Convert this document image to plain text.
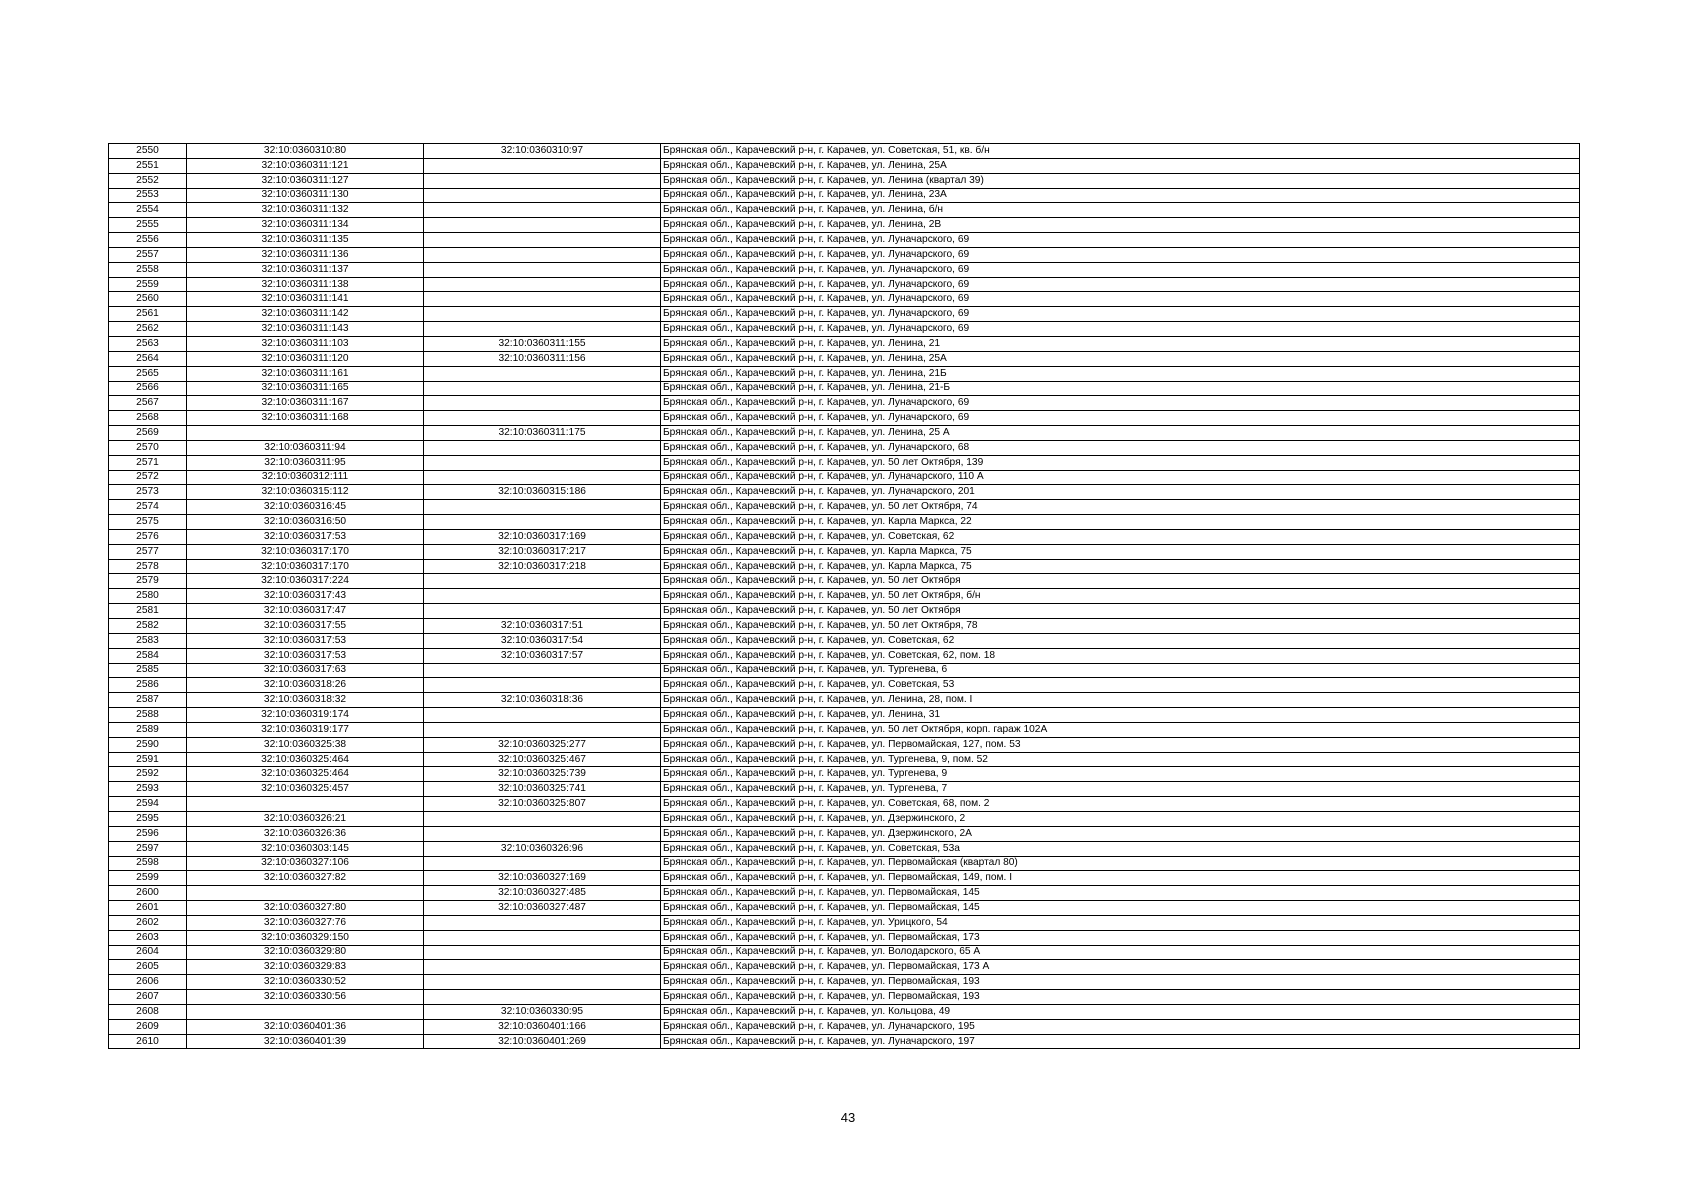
2550	32:10:0360310:80	32:10:0360310:97	Брянская обл., Карачевский р-н, г. Карачев, ул. Советская, 51, кв. б/н
2551	32:10:0360311:121		Брянская обл., Карачевский р-н, г. Карачев, ул. Ленина, 25А
2552	32:10:0360311:127		Брянская обл., Карачевский р-н, г. Карачев, ул. Ленина (квартал 39)
2553	32:10:0360311:130		Брянская обл., Карачевский р-н, г. Карачев, ул. Ленина, 23А
2554	32:10:0360311:132		Брянская обл., Карачевский р-н, г. Карачев, ул. Ленина, б/н
2555	32:10:0360311:134		Брянская обл., Карачевский р-н, г. Карачев, ул. Ленина, 2В
2556	32:10:0360311:135		Брянская обл., Карачевский р-н, г. Карачев, ул. Луначарского, 69
2557	32:10:0360311:136		Брянская обл., Карачевский р-н, г. Карачев, ул. Луначарского, 69
2558	32:10:0360311:137		Брянская обл., Карачевский р-н, г. Карачев, ул. Луначарского, 69
2559	32:10:0360311:138		Брянская обл., Карачевский р-н, г. Карачев, ул. Луначарского, 69
2560	32:10:0360311:141		Брянская обл., Карачевский р-н, г. Карачев, ул. Луначарского, 69
2561	32:10:0360311:142		Брянская обл., Карачевский р-н, г. Карачев, ул. Луначарского, 69
2562	32:10:0360311:143		Брянская обл., Карачевский р-н, г. Карачев, ул. Луначарского, 69
2563	32:10:0360311:103	32:10:0360311:155	Брянская обл., Карачевский р-н, г. Карачев, ул. Ленина, 21
2564	32:10:0360311:120	32:10:0360311:156	Брянская обл., Карачевский р-н, г. Карачев, ул. Ленина, 25А
2565	32:10:0360311:161		Брянская обл., Карачевский р-н, г. Карачев, ул. Ленина, 21Б
2566	32:10:0360311:165		Брянская обл., Карачевский р-н, г. Карачев, ул. Ленина, 21-Б
2567	32:10:0360311:167		Брянская обл., Карачевский р-н, г. Карачев, ул. Луначарского, 69
2568	32:10:0360311:168		Брянская обл., Карачевский р-н, г. Карачев, ул. Луначарского, 69
2569		32:10:0360311:175	Брянская обл., Карачевский р-н, г. Карачев, ул. Ленина, 25 А
2570	32:10:0360311:94		Брянская обл., Карачевский р-н, г. Карачев, ул. Луначарского, 68
2571	32:10:0360311:95		Брянская обл., Карачевский р-н, г. Карачев, ул. 50 лет Октября, 139
2572	32:10:0360312:111		Брянская обл., Карачевский р-н, г. Карачев, ул. Луначарского, 110 А
2573	32:10:0360315:112	32:10:0360315:186	Брянская обл., Карачевский р-н, г. Карачев, ул. Луначарского, 201
2574	32:10:0360316:45		Брянская обл., Карачевский р-н, г. Карачев, ул. 50 лет Октября, 74
2575	32:10:0360316:50		Брянская обл., Карачевский р-н, г. Карачев, ул. Карла Маркса, 22
2576	32:10:0360317:53	32:10:0360317:169	Брянская обл., Карачевский р-н, г. Карачев, ул. Советская, 62
2577	32:10:0360317:170	32:10:0360317:217	Брянская обл., Карачевский р-н, г. Карачев, ул. Карла Маркса, 75
2578	32:10:0360317:170	32:10:0360317:218	Брянская обл., Карачевский р-н, г. Карачев, ул. Карла Маркса, 75
2579	32:10:0360317:224		Брянская обл., Карачевский р-н, г. Карачев, ул. 50 лет Октября
2580	32:10:0360317:43		Брянская обл., Карачевский р-н, г. Карачев, ул. 50 лет Октября, б/н
2581	32:10:0360317:47		Брянская обл., Карачевский р-н, г. Карачев, ул. 50 лет Октября
2582	32:10:0360317:55	32:10:0360317:51	Брянская обл., Карачевский р-н, г. Карачев, ул. 50 лет Октября, 78
2583	32:10:0360317:53	32:10:0360317:54	Брянская обл., Карачевский р-н, г. Карачев, ул. Советская, 62
2584	32:10:0360317:53	32:10:0360317:57	Брянская обл., Карачевский р-н, г. Карачев, ул. Советская, 62, пом. 18
2585	32:10:0360317:63		Брянская обл., Карачевский р-н, г. Карачев, ул. Тургенева, 6
2586	32:10:0360318:26		Брянская обл., Карачевский р-н, г. Карачев, ул. Советская, 53
2587	32:10:0360318:32	32:10:0360318:36	Брянская обл., Карачевский р-н, г. Карачев, ул. Ленина, 28, пом. I
2588	32:10:0360319:174		Брянская обл., Карачевский р-н, г. Карачев, ул. Ленина, 31
2589	32:10:0360319:177		Брянская обл., Карачевский р-н, г. Карачев, ул. 50 лет Октября, корп. гараж 102А
2590	32:10:0360325:38	32:10:0360325:277	Брянская обл., Карачевский р-н, г. Карачев, ул. Первомайская, 127, пом. 53
2591	32:10:0360325:464	32:10:0360325:467	Брянская обл., Карачевский р-н, г. Карачев, ул. Тургенева, 9, пом. 52
2592	32:10:0360325:464	32:10:0360325:739	Брянская обл., Карачевский р-н, г. Карачев, ул. Тургенева, 9
2593	32:10:0360325:457	32:10:0360325:741	Брянская обл., Карачевский р-н, г. Карачев, ул. Тургенева, 7
2594		32:10:0360325:807	Брянская обл., Карачевский р-н, г. Карачев, ул. Советская, 68, пом. 2
2595	32:10:0360326:21		Брянская обл., Карачевский р-н, г. Карачев, ул. Дзержинского, 2
2596	32:10:0360326:36		Брянская обл., Карачевский р-н, г. Карачев, ул. Дзержинского, 2А
2597	32:10:0360303:145	32:10:0360326:96	Брянская обл., Карачевский р-н, г. Карачев, ул. Советская, 53а
2598	32:10:0360327:106		Брянская обл., Карачевский р-н, г. Карачев, ул. Первомайская (квартал 80)
2599	32:10:0360327:82	32:10:0360327:169	Брянская обл., Карачевский р-н, г. Карачев, ул. Первомайская, 149, пом. I
2600		32:10:0360327:485	Брянская обл., Карачевский р-н, г. Карачев, ул. Первомайская, 145
2601	32:10:0360327:80	32:10:0360327:487	Брянская обл., Карачевский р-н, г. Карачев, ул. Первомайская, 145
2602	32:10:0360327:76		Брянская обл., Карачевский р-н, г. Карачев, ул. Урицкого, 54
2603	32:10:0360329:150		Брянская обл., Карачевский р-н, г. Карачев, ул. Первомайская, 173
2604	32:10:0360329:80		Брянская обл., Карачевский р-н, г. Карачев, ул. Володарского, 65 А
2605	32:10:0360329:83		Брянская обл., Карачевский р-н, г. Карачев, ул. Первомайская, 173 А
2606	32:10:0360330:52		Брянская обл., Карачевский р-н, г. Карачев, ул. Первомайская, 193
2607	32:10:0360330:56		Брянская обл., Карачевский р-н, г. Карачев, ул. Первомайская, 193
2608		32:10:0360330:95	Брянская обл., Карачевский р-н, г. Карачев, ул. Кольцова, 49
2609	32:10:0360401:36	32:10:0360401:166	Брянская обл., Карачевский р-н, г. Карачев, ул. Луначарского, 195
2610	32:10:0360401:39	32:10:0360401:269	Брянская обл., Карачевский р-н, г. Карачев, ул. Луначарского, 197
43
